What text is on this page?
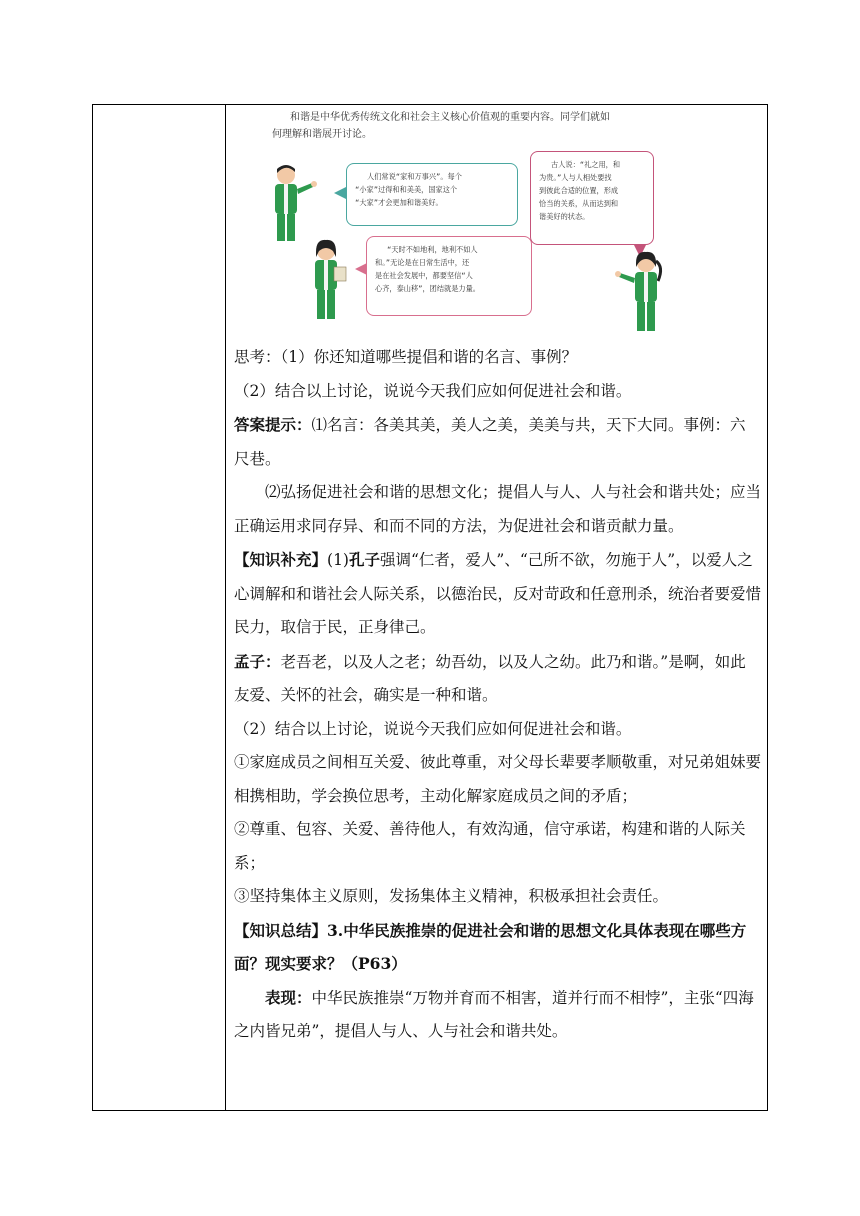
和谐是中华优秀传统文化和社会主义核心价值观的重要内容。同学们就如
何理解和谐展开讨论。
人们常说“家和万事兴”。每个
“小家”过得和和美美，国家这个
“大家”才会更加和谐美好。
“天时不如地利，地利不如人
和。”无论是在日常生活中，还
是在社会发展中，都要坚信“人
心齐，泰山移”，团结就是力量。
古人说：“礼之用，和
为贵。”人与人相处要找
到彼此合适的位置，形成
恰当的关系，从而达到和
谐美好的状态。

思考：（1）你还知道哪些提倡和谐的名言、事例？

（2）结合以上讨论，说说今天我们应如何促进社会和谐。

答案提示：⑴名言：各美其美，美人之美，美美与共，天下大同。事例：六尺巷。

⑵弘扬促进社会和谐的思想文化；提倡人与人、人与社会和谐共处；应当正确运用求同存异、和而不同的方法，为促进社会和谐贡献力量。

【知识补充】(1)孔子强调“仁者，爱人”、“己所不欲，勿施于人”，以爱人之心调解和和谐社会人际关系，以德治民，反对苛政和任意刑杀，统治者要爱惜民力，取信于民，正身律己。

孟子：老吾老，以及人之老；幼吾幼，以及人之幼。此乃和谐。”是啊，如此友爱、关怀的社会，确实是一种和谐。

（2）结合以上讨论，说说今天我们应如何促进社会和谐。

①家庭成员之间相互关爱、彼此尊重，对父母长辈要孝顺敬重，对兄弟姐妹要相携相助，学会换位思考，主动化解家庭成员之间的矛盾；

②尊重、包容、关爱、善待他人，有效沟通，信守承诺，构建和谐的人际关系；

③坚持集体主义原则，发扬集体主义精神，积极承担社会责任。

【知识总结】3.中华民族推崇的促进社会和谐的思想文化具体表现在哪些方面？现实要求？（P63）

表现：中华民族推崇“万物并育而不相害，道并行而不相悖”，主张“四海之内皆兄弟”，提倡人与人、人与社会和谐共处。
